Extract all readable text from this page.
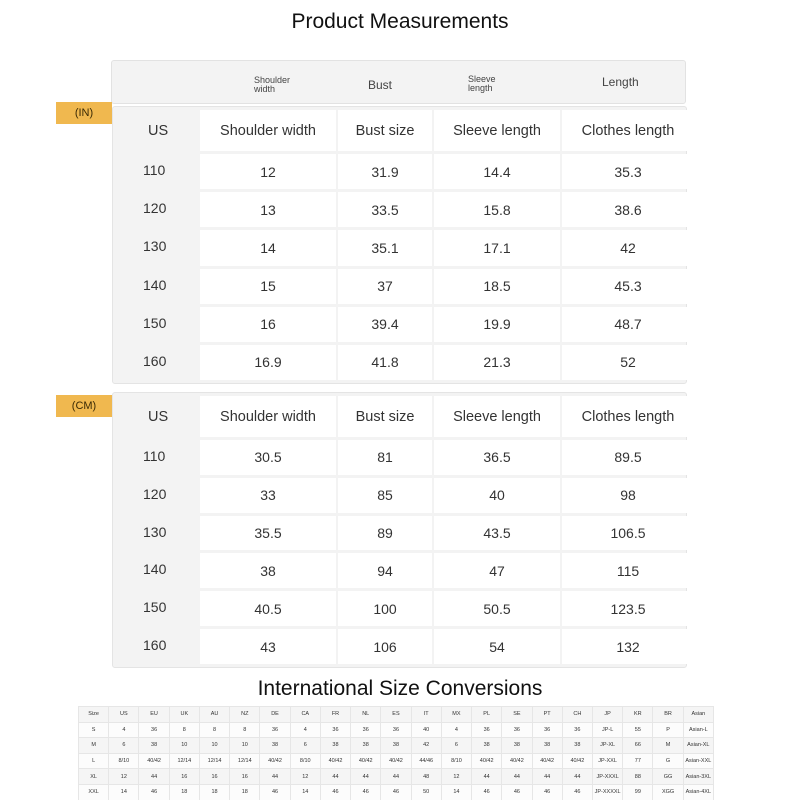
Product Measurements
Shoulder width	Bust	Sleeve length	Length
(IN)
(CM)
US	Shoulder width	Bust size	Sleeve length	Clothes length
110	12	31.9	14.4	35.3
120	13	33.5	15.8	38.6
130	14	35.1	17.1	42
140	15	37	18.5	45.3
150	16	39.4	19.9	48.7
160	16.9	41.8	21.3	52
US	Shoulder width	Bust size	Sleeve length	Clothes length
110	30.5	81	36.5	89.5
120	33	85	40	98
130	35.5	89	43.5	106.5
140	38	94	47	115
150	40.5	100	50.5	123.5
160	43	106	54	132
International Size Conversions
Size	US	EU	UK	AU	NZ	DE	CA	FR	NL	ES	IT	MX	PL	SE	PT	CH	JP	KR	BR	Asian
S	4	36	8	8	8	36	4	36	36	36	40	4	36	36	36	36	JP-L	55	P	Asian-L
M	6	38	10	10	10	38	6	38	38	38	42	6	38	38	38	38	JP-XL	66	M	Asian-XL
L	8/10	40/42	12/14	12/14	12/14	40/42	8/10	40/42	40/42	40/42	44/46	8/10	40/42	40/42	40/42	40/42	JP-XXL	77	G	Asian-XXL
XL	12	44	16	16	16	44	12	44	44	44	48	12	44	44	44	44	JP-XXXL	88	GG	Asian-3XL
XXL	14	46	18	18	18	46	14	46	46	46	50	14	46	46	46	46	JP-XXXXL	99	XGG	Asian-4XL
